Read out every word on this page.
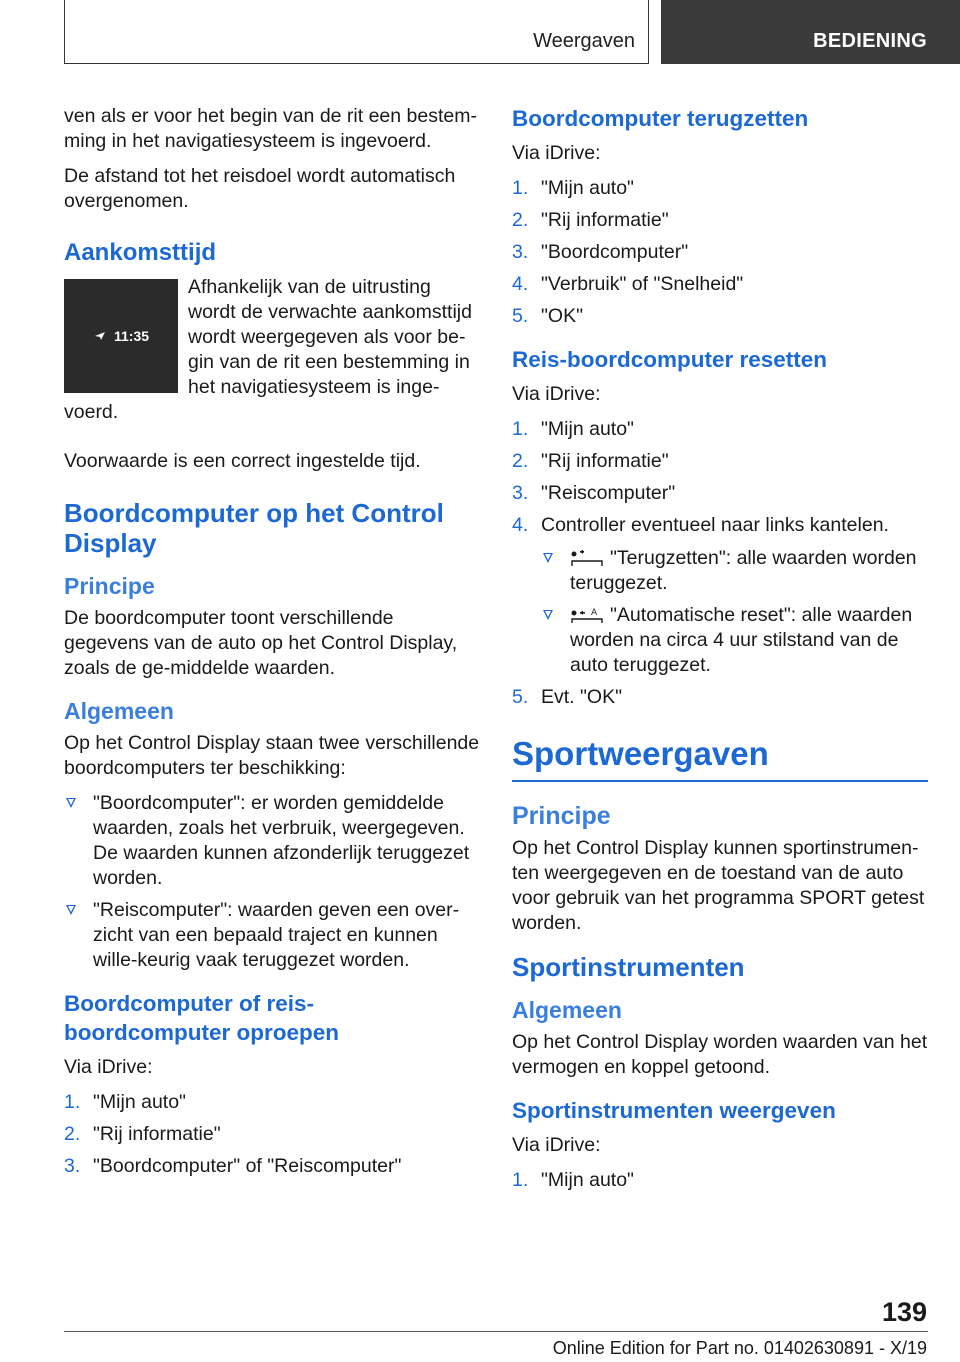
Weergaven	BEDIENING

ven als er voor het begin van de rit een bestem-ming in het navigatiesysteem is ingevoerd.

De afstand tot het reisdoel wordt automatisch overgenomen.

Aankomsttijd
11:35

Afhankelijk van de uitrusting wordt de verwachte aankomsttijd wordt weergegeven als voor be-gin van de rit een bestemming in het navigatiesysteem is inge-voerd.

Voorwaarde is een correct ingestelde tijd.

Boordcomputer op het Control Display
Principe

De boordcomputer toont verschillende gegevens van de auto op het Control Display, zoals de ge-middelde waarden.

Algemeen

Op het Control Display staan twee verschillende boordcomputers ter beschikking:

"Boordcomputer": er worden gemiddelde waarden, zoals het verbruik, weergegeven. De waarden kunnen afzonderlijk teruggezet worden.
"Reiscomputer": waarden geven een over-zicht van een bepaald traject en kunnen wille-keurig vaak teruggezet worden.
Boordcomputer of reis-boordcomputer oproepen

Via iDrive:

1. "Mijn auto"
2. "Rij informatie"
3. "Boordcomputer" of "Reiscomputer"
Boordcomputer terugzetten

Via iDrive:

1. "Mijn auto"
2. "Rij informatie"
3. "Boordcomputer"
4. "Verbruik" of "Snelheid"
5. "OK"
Reis-boordcomputer resetten

Via iDrive:

1. "Mijn auto"
2. "Rij informatie"
3. "Reiscomputer"
4. Controller eventueel naar links kantelen.
"Terugzetten": alle waarden worden teruggezet.
A "Automatische reset": alle waarden worden na circa 4 uur stilstand van de auto teruggezet.
5. Evt. "OK"
Sportweergaven
Principe

Op het Control Display kunnen sportinstrumen-ten weergegeven en de toestand van de auto voor gebruik van het programma SPORT getest worden.

Sportinstrumenten
Algemeen

Op het Control Display worden waarden van het vermogen en koppel getoond.

Sportinstrumenten weergeven

Via iDrive:

1. "Mijn auto"
139
Online Edition for Part no. 01402630891 - X/19
